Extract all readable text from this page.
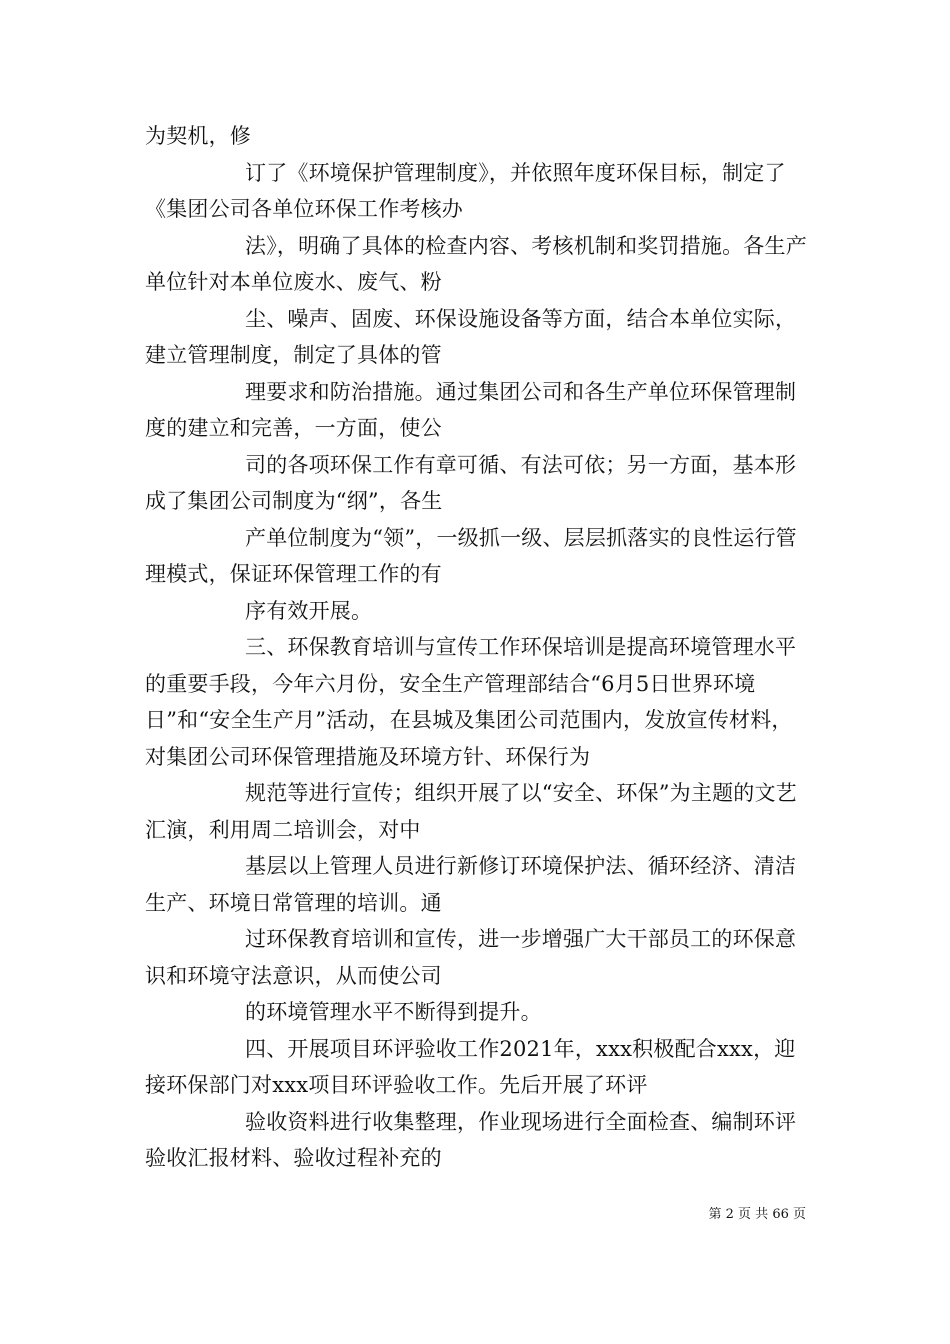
为契机，修

订了《环境保护管理制度》，并依照年度环保目标，制定了《集团公司各单位环保工作考核办

法》，明确了具体的检查内容、考核机制和奖罚措施。各生产单位针对本单位废水、废气、粉

尘、噪声、固废、环保设施设备等方面，结合本单位实际，建立管理制度，制定了具体的管

理要求和防治措施。通过集团公司和各生产单位环保管理制度的建立和完善，一方面，使公

司的各项环保工作有章可循、有法可依；另一方面，基本形成了集团公司制度为“纲”，各生

产单位制度为“领”，一级抓一级、层层抓落实的良性运行管理模式，保证环保管理工作的有

序有效开展。

三、环保教育培训与宣传工作环保培训是提高环境管理水平的重要手段，今年六月份，安全生产管理部结合“6月5日世界环境日”和“安全生产月”活动，在县城及集团公司范围内，发放宣传材料，对集团公司环保管理措施及环境方针、环保行为

规范等进行宣传；组织开展了以“安全、环保”为主题的文艺汇演，利用周二培训会，对中

基层以上管理人员进行新修订环境保护法、循环经济、清洁生产、环境日常管理的培训。通

过环保教育培训和宣传，进一步增强广大干部员工的环保意识和环境守法意识，从而使公司

的环境管理水平不断得到提升。

四、开展项目环评验收工作2021年，xxx积极配合xxx，迎接环保部门对xxx项目环评验收工作。先后开展了环评

验收资料进行收集整理，作业现场进行全面检查、编制环评验收汇报材料、验收过程补充的

第 2 页 共 66 页
